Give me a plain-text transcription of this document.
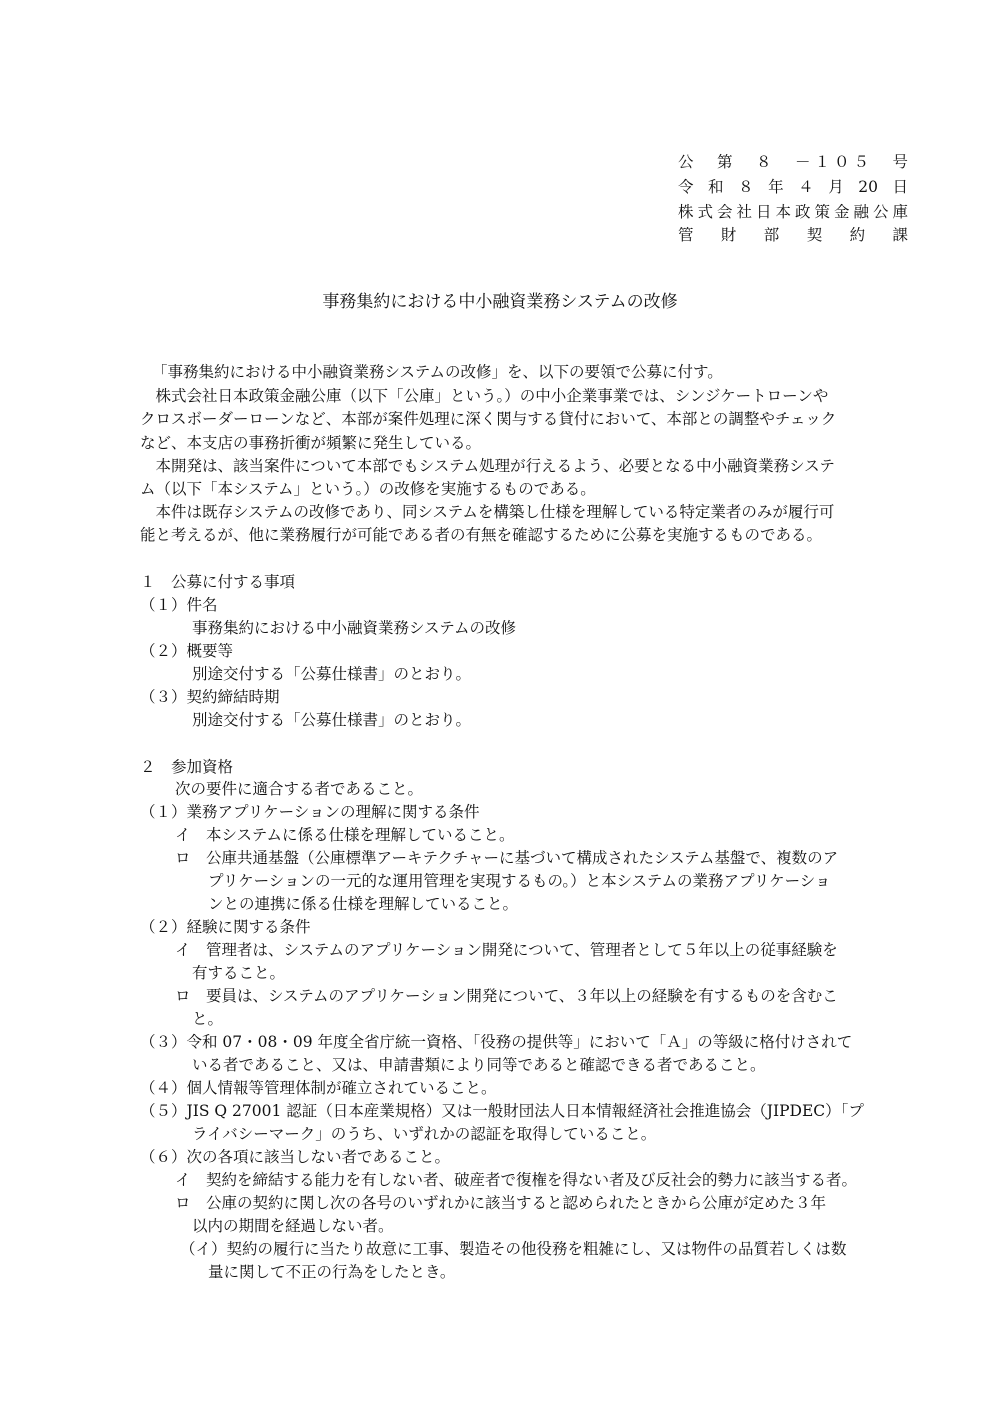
公　第　８　－１０５　号
令和８年４月20日
株式会社日本政策金融公庫
管　財　部　契　約　課
事務集約における中小融資業務システムの改修
「事務集約における中小融資業務システムの改修」を、以下の要領で公募に付す。
　株式会社日本政策金融公庫（以下「公庫」という。）の中小企業事業では、シンジケートローンや
クロスボーダーローンなど、本部が案件処理に深く関与する貸付において、本部との調整やチェック
など、本支店の事務折衝が頻繁に発生している。
　本開発は、該当案件について本部でもシステム処理が行えるよう、必要となる中小融資業務システ
ム（以下「本システム」という。）の改修を実施するものである。
　本件は既存システムの改修であり、同システムを構築し仕様を理解している特定業者のみが履行可
能と考えるが、他に業務履行が可能である者の有無を確認するために公募を実施するものである。
１　公募に付する事項
（１）件名
事務集約における中小融資業務システムの改修
（２）概要等
別途交付する「公募仕様書」のとおり。
（３）契約締結時期
別途交付する「公募仕様書」のとおり。
２　参加資格
次の要件に適合する者であること。
（１）業務アプリケーションの理解に関する条件
イ　本システムに係る仕様を理解していること。
ロ　公庫共通基盤（公庫標準アーキテクチャーに基づいて構成されたシステム基盤で、複数のア
プリケーションの一元的な運用管理を実現するもの。）と本システムの業務アプリケーショ
ンとの連携に係る仕様を理解していること。
（２）経験に関する条件
イ　管理者は、システムのアプリケーション開発について、管理者として５年以上の従事経験を
有すること。
ロ　要員は、システムのアプリケーション開発について、３年以上の経験を有するものを含むこ
と。
（３）令和 07・08・09 年度全省庁統一資格、「役務の提供等」において「Ａ」の等級に格付けされて
いる者であること、又は、申請書類により同等であると確認できる者であること。
（４）個人情報等管理体制が確立されていること。
（５）JIS Q 27001 認証（日本産業規格）又は一般財団法人日本情報経済社会推進協会（JIPDEC）「プ
ライバシーマーク」のうち、いずれかの認証を取得していること。
（６）次の各項に該当しない者であること。
イ　契約を締結する能力を有しない者、破産者で復権を得ない者及び反社会的勢力に該当する者。
ロ　公庫の契約に関し次の各号のいずれかに該当すると認められたときから公庫が定めた３年
以内の期間を経過しない者。
（イ）契約の履行に当たり故意に工事、製造その他役務を粗雑にし、又は物件の品質若しくは数
量に関して不正の行為をしたとき。
